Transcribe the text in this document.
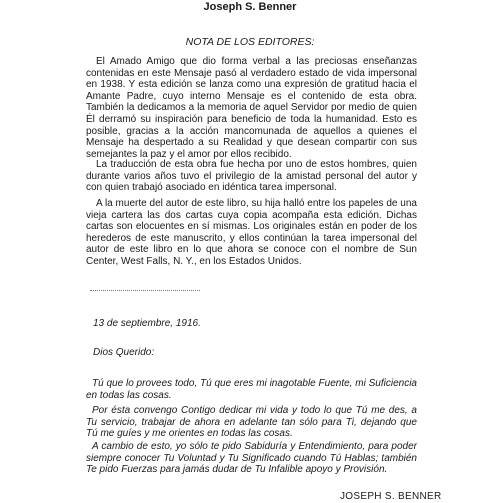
Joseph S. Benner
NOTA DE LOS EDITORES:

El Amado Amigo que dio forma verbal a las preciosas enseñanzas contenidas en este Mensaje pasó al verdadero estado de vida impersonal en 1938. Y esta edición se lanza como una expresión de gratitud hacia el Amante Padre, cuyo interno Mensaje es el contenido de esta obra. También la dedicamos a la memoria de aquel Servidor por medio de quien Él derramó su inspiración para beneficio de toda la humanidad. Esto es posible, gracias a la acción mancomunada de aquellos a quienes el Mensaje ha despertado a su Realidad y que desean compartir con sus semejantes la paz y el amor por ellos recibido.

La traducción de esta obra fue hecha por uno de estos hombres, quien durante varios años tuvo el privilegio de la amistad personal del autor y con quien trabajó asociado en idéntica tarea impersonal.

A la muerte del autor de este libro, su hija halló entre los papeles de una vieja cartera las dos cartas cuya copia acompaña esta edición. Dichas cartas son elocuentes en sí mismas. Los originales están en poder de los herederos de este manuscrito, y ellos continúan la tarea impersonal del autor de este libro en lo que ahora se conoce con el nombre de Sun Center, West Falls, N. Y., en los Estados Unidos.

13 de septiembre, 1916.
Dios Querido:

Tú que lo provees todo, Tú que eres mi inagotable Fuente, mi Suficiencia en todas las cosas.

Por ésta convengo Contigo dedicar mi vida y todo lo que Tú me des, a Tu servicio, trabajar de ahora en adelante tan sólo para Ti, dejando que Tú me guíes y me orientes en todas las cosas.

A cambio de esto, yo sólo te pido Sabiduría y Entendimiento, para poder siempre conocer Tu Voluntad y Tu Significado cuando Tú Hablas; también Te pido Fuerzas para jamás dudar de Tu Infalible apoyo y Provisión.

JOSEPH S. BENNER
